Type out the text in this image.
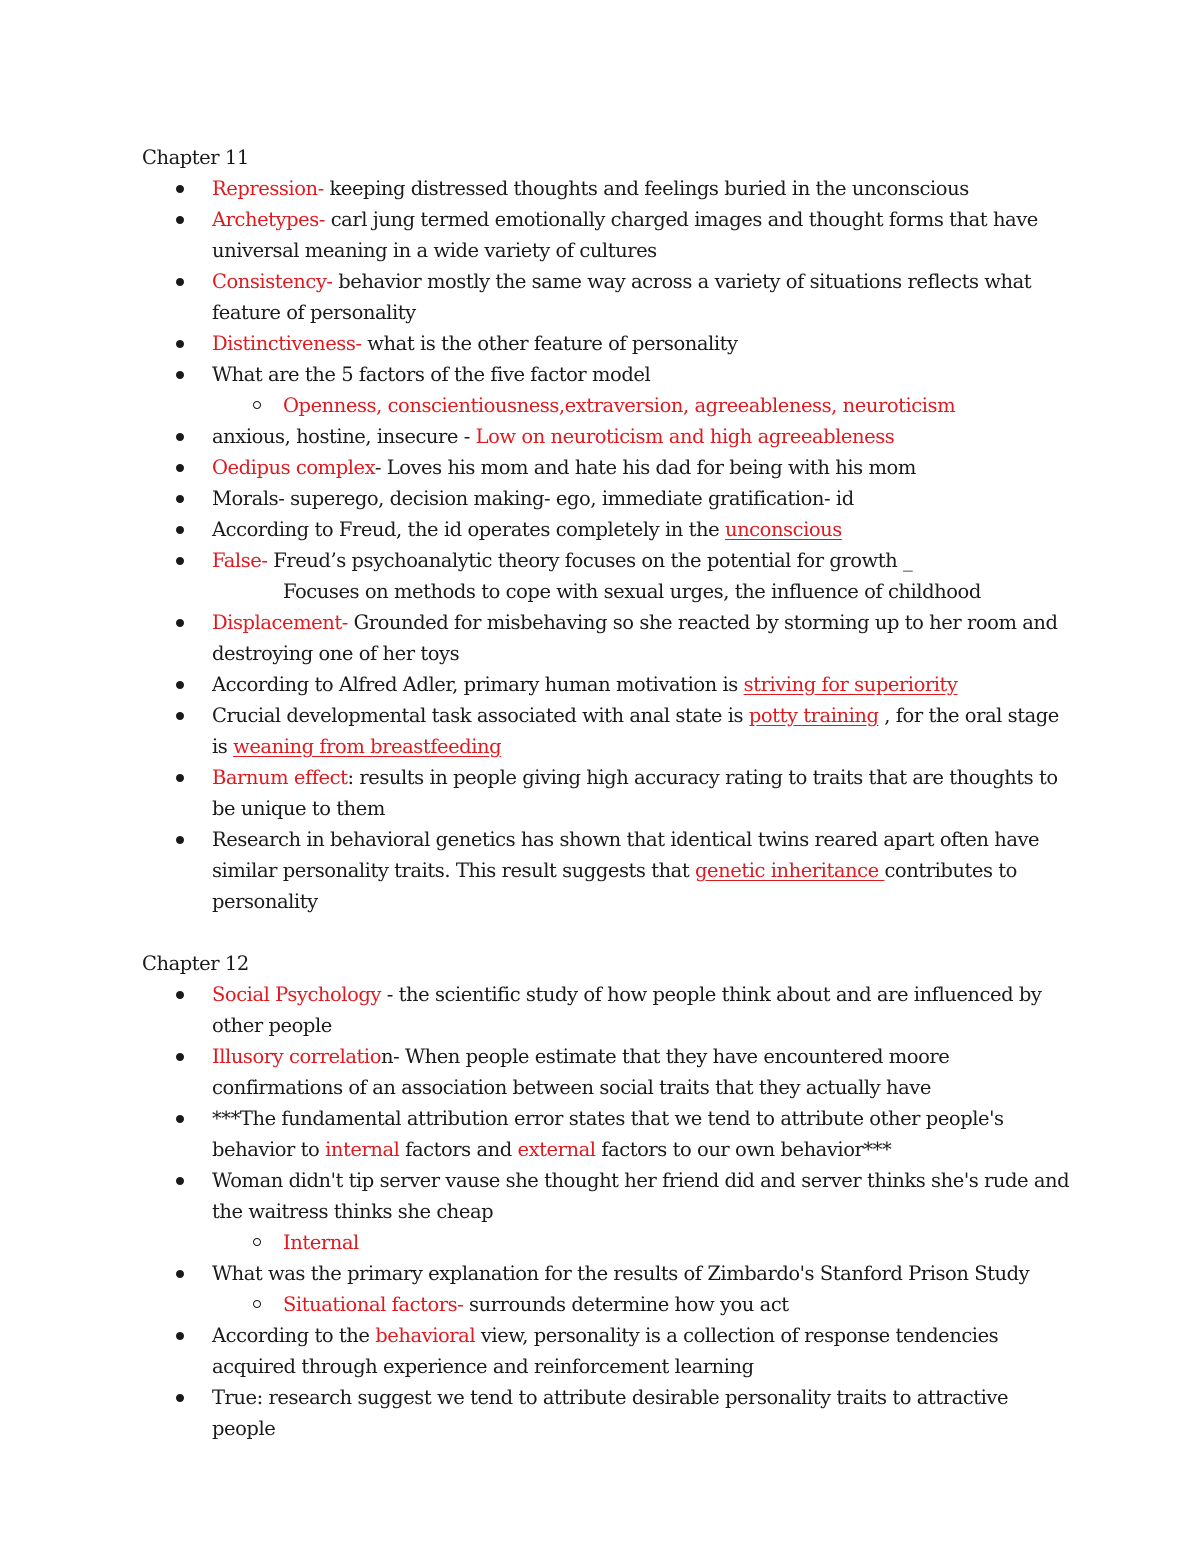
Chapter 11

Repression- keeping distressed thoughts and feelings buried in the unconscious
Archetypes- carl jung termed emotionally charged images and thought forms that have universal meaning in a wide variety of cultures
Consistency- behavior mostly the same way across a variety of situations reflects what feature of personality
Distinctiveness- what is the other feature of personality
What are the 5 factors of the five factor model
Openness, conscientiousness,extraversion, agreeableness, neuroticism
anxious, hostine, insecure - Low on neuroticism and high agreeableness
Oedipus complex- Loves his mom and hate his dad for being with his mom
Morals- superego, decision making- ego, immediate gratification- id
According to Freud, the id operates completely in the unconscious
False- Freud’s psychoanalytic theory focuses on the potential for growth _
Focuses on methods to cope with sexual urges, the influence of childhood
Displacement- Grounded for misbehaving so she reacted by storming up to her room and destroying one of her toys
According to Alfred Adler, primary human motivation is striving for superiority
Crucial developmental task associated with anal state is potty training , for the oral stage is weaning from breastfeeding
Barnum effect: results in people giving high accuracy rating to traits that are thoughts to be unique to them
Research in behavioral genetics has shown that identical twins reared apart often have similar personality traits. This result suggests that genetic inheritance contributes to personality

Chapter 12

Social Psychology - the scientific study of how people think about and are influenced by other people
Illusory correlation- When people estimate that they have encountered moore confirmations of an association between social traits that they actually have
***The fundamental attribution error states that we tend to attribute other people's behavior to internal factors and external factors to our own behavior***
Woman didn't tip server vause she thought her friend did and server thinks she's rude and the waitress thinks she cheap
Internal
What was the primary explanation for the results of Zimbardo's Stanford Prison Study
Situational factors- surrounds determine how you act
According to the behavioral view, personality is a collection of response tendencies acquired through experience and reinforcement learning
True: research suggest we tend to attribute desirable personality traits to attractive people
